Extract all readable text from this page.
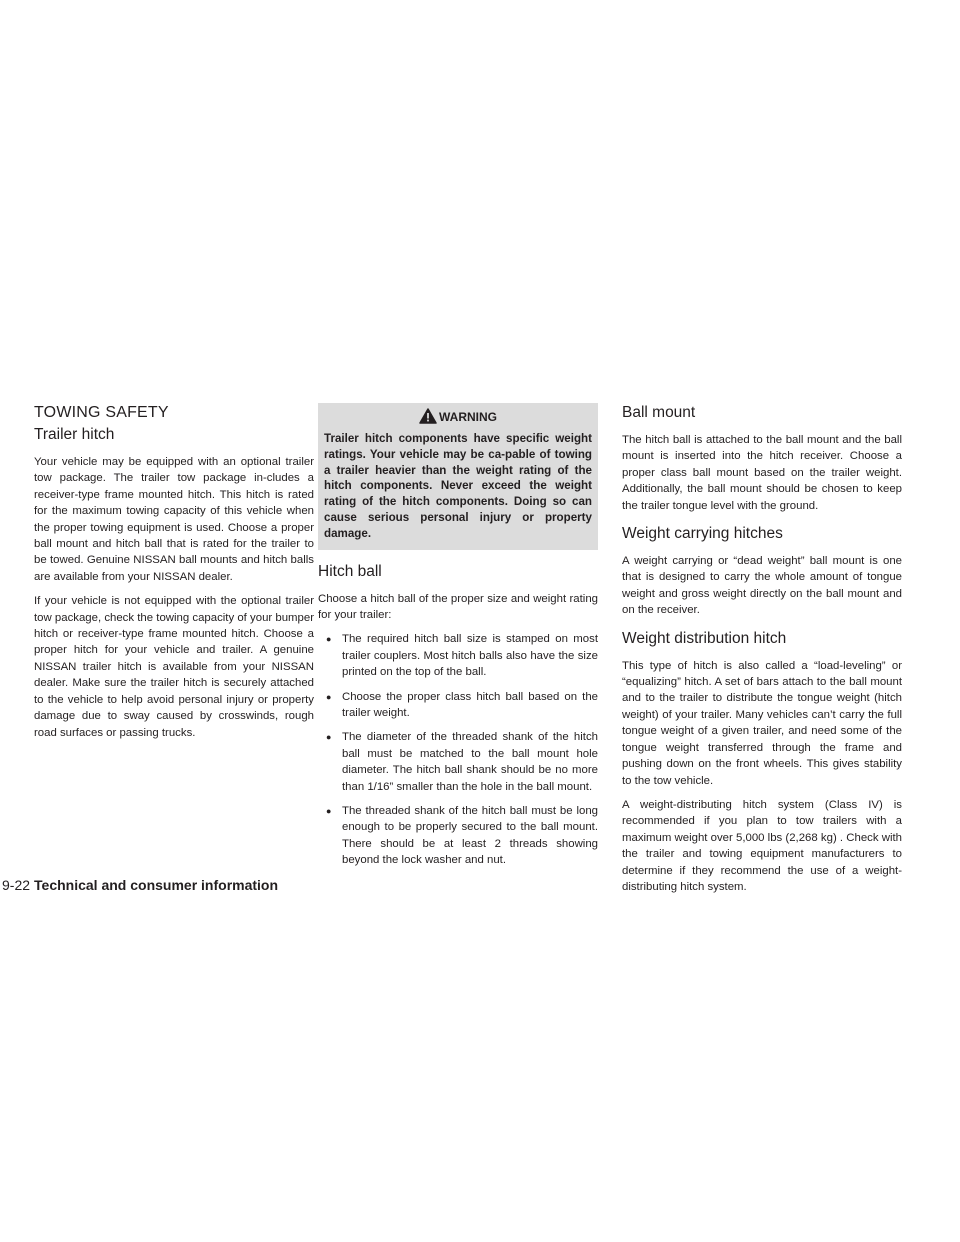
TOWING SAFETY
Trailer hitch

Your vehicle may be equipped with an optional trailer tow package. The trailer tow package in-cludes a receiver-type frame mounted hitch. This hitch is rated for the maximum towing capacity of this vehicle when the proper towing equipment is used. Choose a proper ball mount and hitch ball that is rated for the trailer to be towed. Genuine NISSAN ball mounts and hitch balls are available from your NISSAN dealer.

If your vehicle is not equipped with the optional trailer tow package, check the towing capacity of your bumper hitch or receiver-type frame mounted hitch. Choose a proper hitch for your vehicle and trailer. A genuine NISSAN trailer hitch is available from your NISSAN dealer. Make sure the trailer hitch is securely attached to the vehicle to help avoid personal injury or property damage due to sway caused by crosswinds, rough road surfaces or passing trucks.

WARNING

Trailer hitch components have specific weight ratings. Your vehicle may be ca-pable of towing a trailer heavier than the weight rating of the hitch components. Never exceed the weight rating of the hitch components. Doing so can cause serious personal injury or property damage.

Hitch ball

Choose a hitch ball of the proper size and weight rating for your trailer:

● The required hitch ball size is stamped on most trailer couplers. Most hitch balls also have the size printed on the top of the ball.
● Choose the proper class hitch ball based on the trailer weight.
● The diameter of the threaded shank of the hitch ball must be matched to the ball mount hole diameter. The hitch ball shank should be no more than 1/16” smaller than the hole in the ball mount.
● The threaded shank of the hitch ball must be long enough to be properly secured to the ball mount. There should be at least 2 threads showing beyond the lock washer and nut.
Ball mount

The hitch ball is attached to the ball mount and the ball mount is inserted into the hitch receiver. Choose a proper class ball mount based on the trailer weight. Additionally, the ball mount should be chosen to keep the trailer tongue level with the ground.

Weight carrying hitches

A weight carrying or “dead weight” ball mount is one that is designed to carry the whole amount of tongue weight and gross weight directly on the ball mount and on the receiver.

Weight distribution hitch

This type of hitch is also called a “load-leveling” or “equalizing” hitch. A set of bars attach to the ball mount and to the trailer to distribute the tongue weight (hitch weight) of your trailer. Many vehicles can’t carry the full tongue weight of a given trailer, and need some of the tongue weight transferred through the frame and pushing down on the front wheels. This gives stability to the tow vehicle.

A weight-distributing hitch system (Class IV) is recommended if you plan to tow trailers with a maximum weight over 5,000 lbs (2,268 kg) . Check with the trailer and towing equipment manufacturers to determine if they recommend the use of a weight-distributing hitch system.

9-22 Technical and consumer information
